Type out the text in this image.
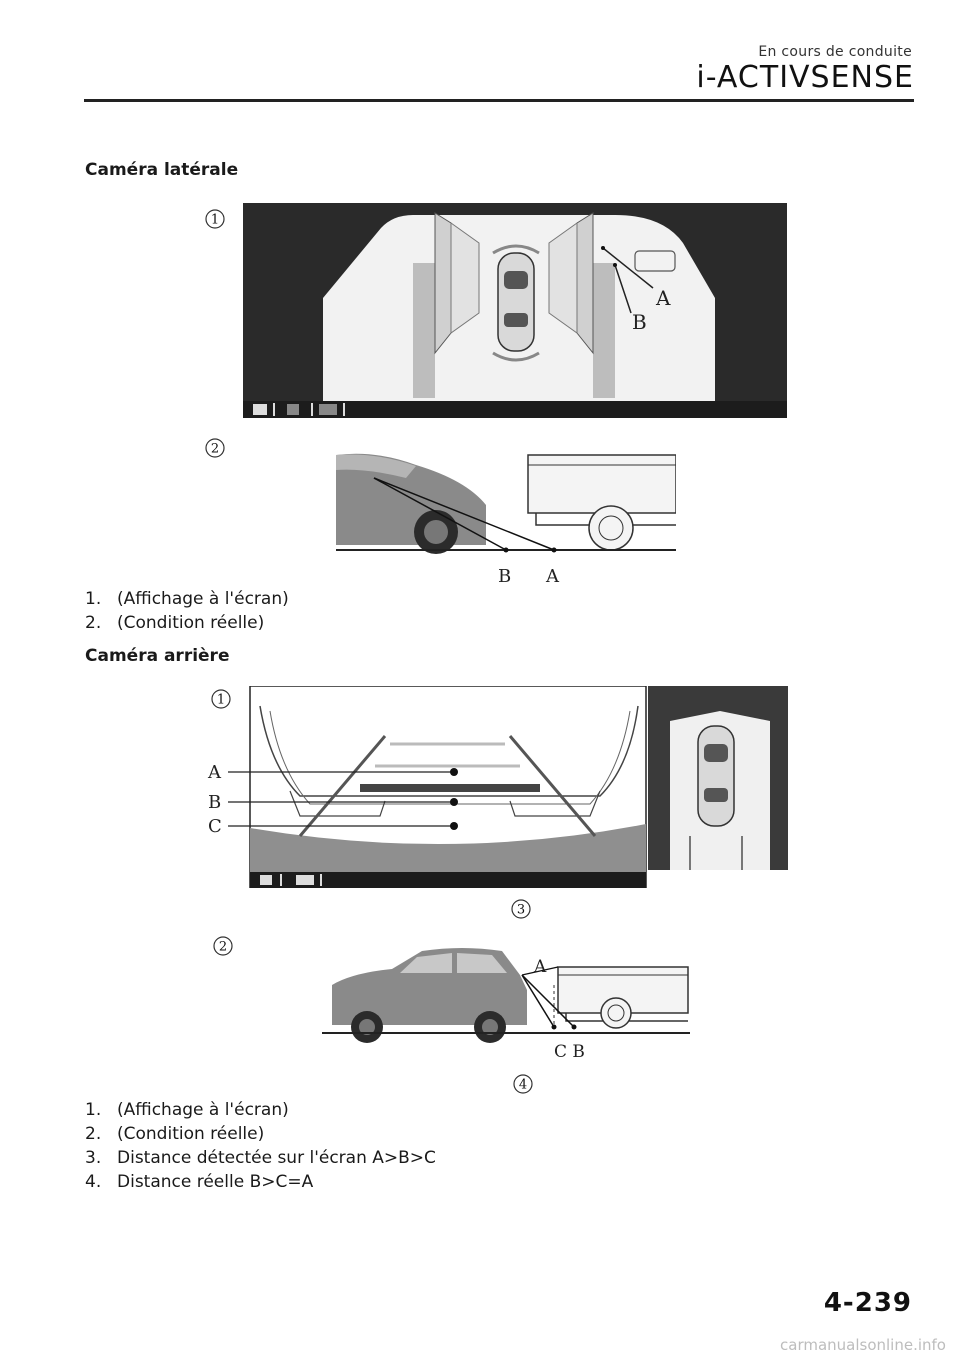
En cours de conduite
i-ACTIVSENSE
Caméra latérale
1
A
B
2
B A
1. (Affichage à l'écran)
2. (Condition réelle)
Caméra arrière
1
A
B
C
3
2
A
C B
4
1. (Affichage à l'écran)
2. (Condition réelle)
3. Distance détectée sur l'écran A>B>C
4. Distance réelle B>C=A
4-239
carmanualsonline.info
